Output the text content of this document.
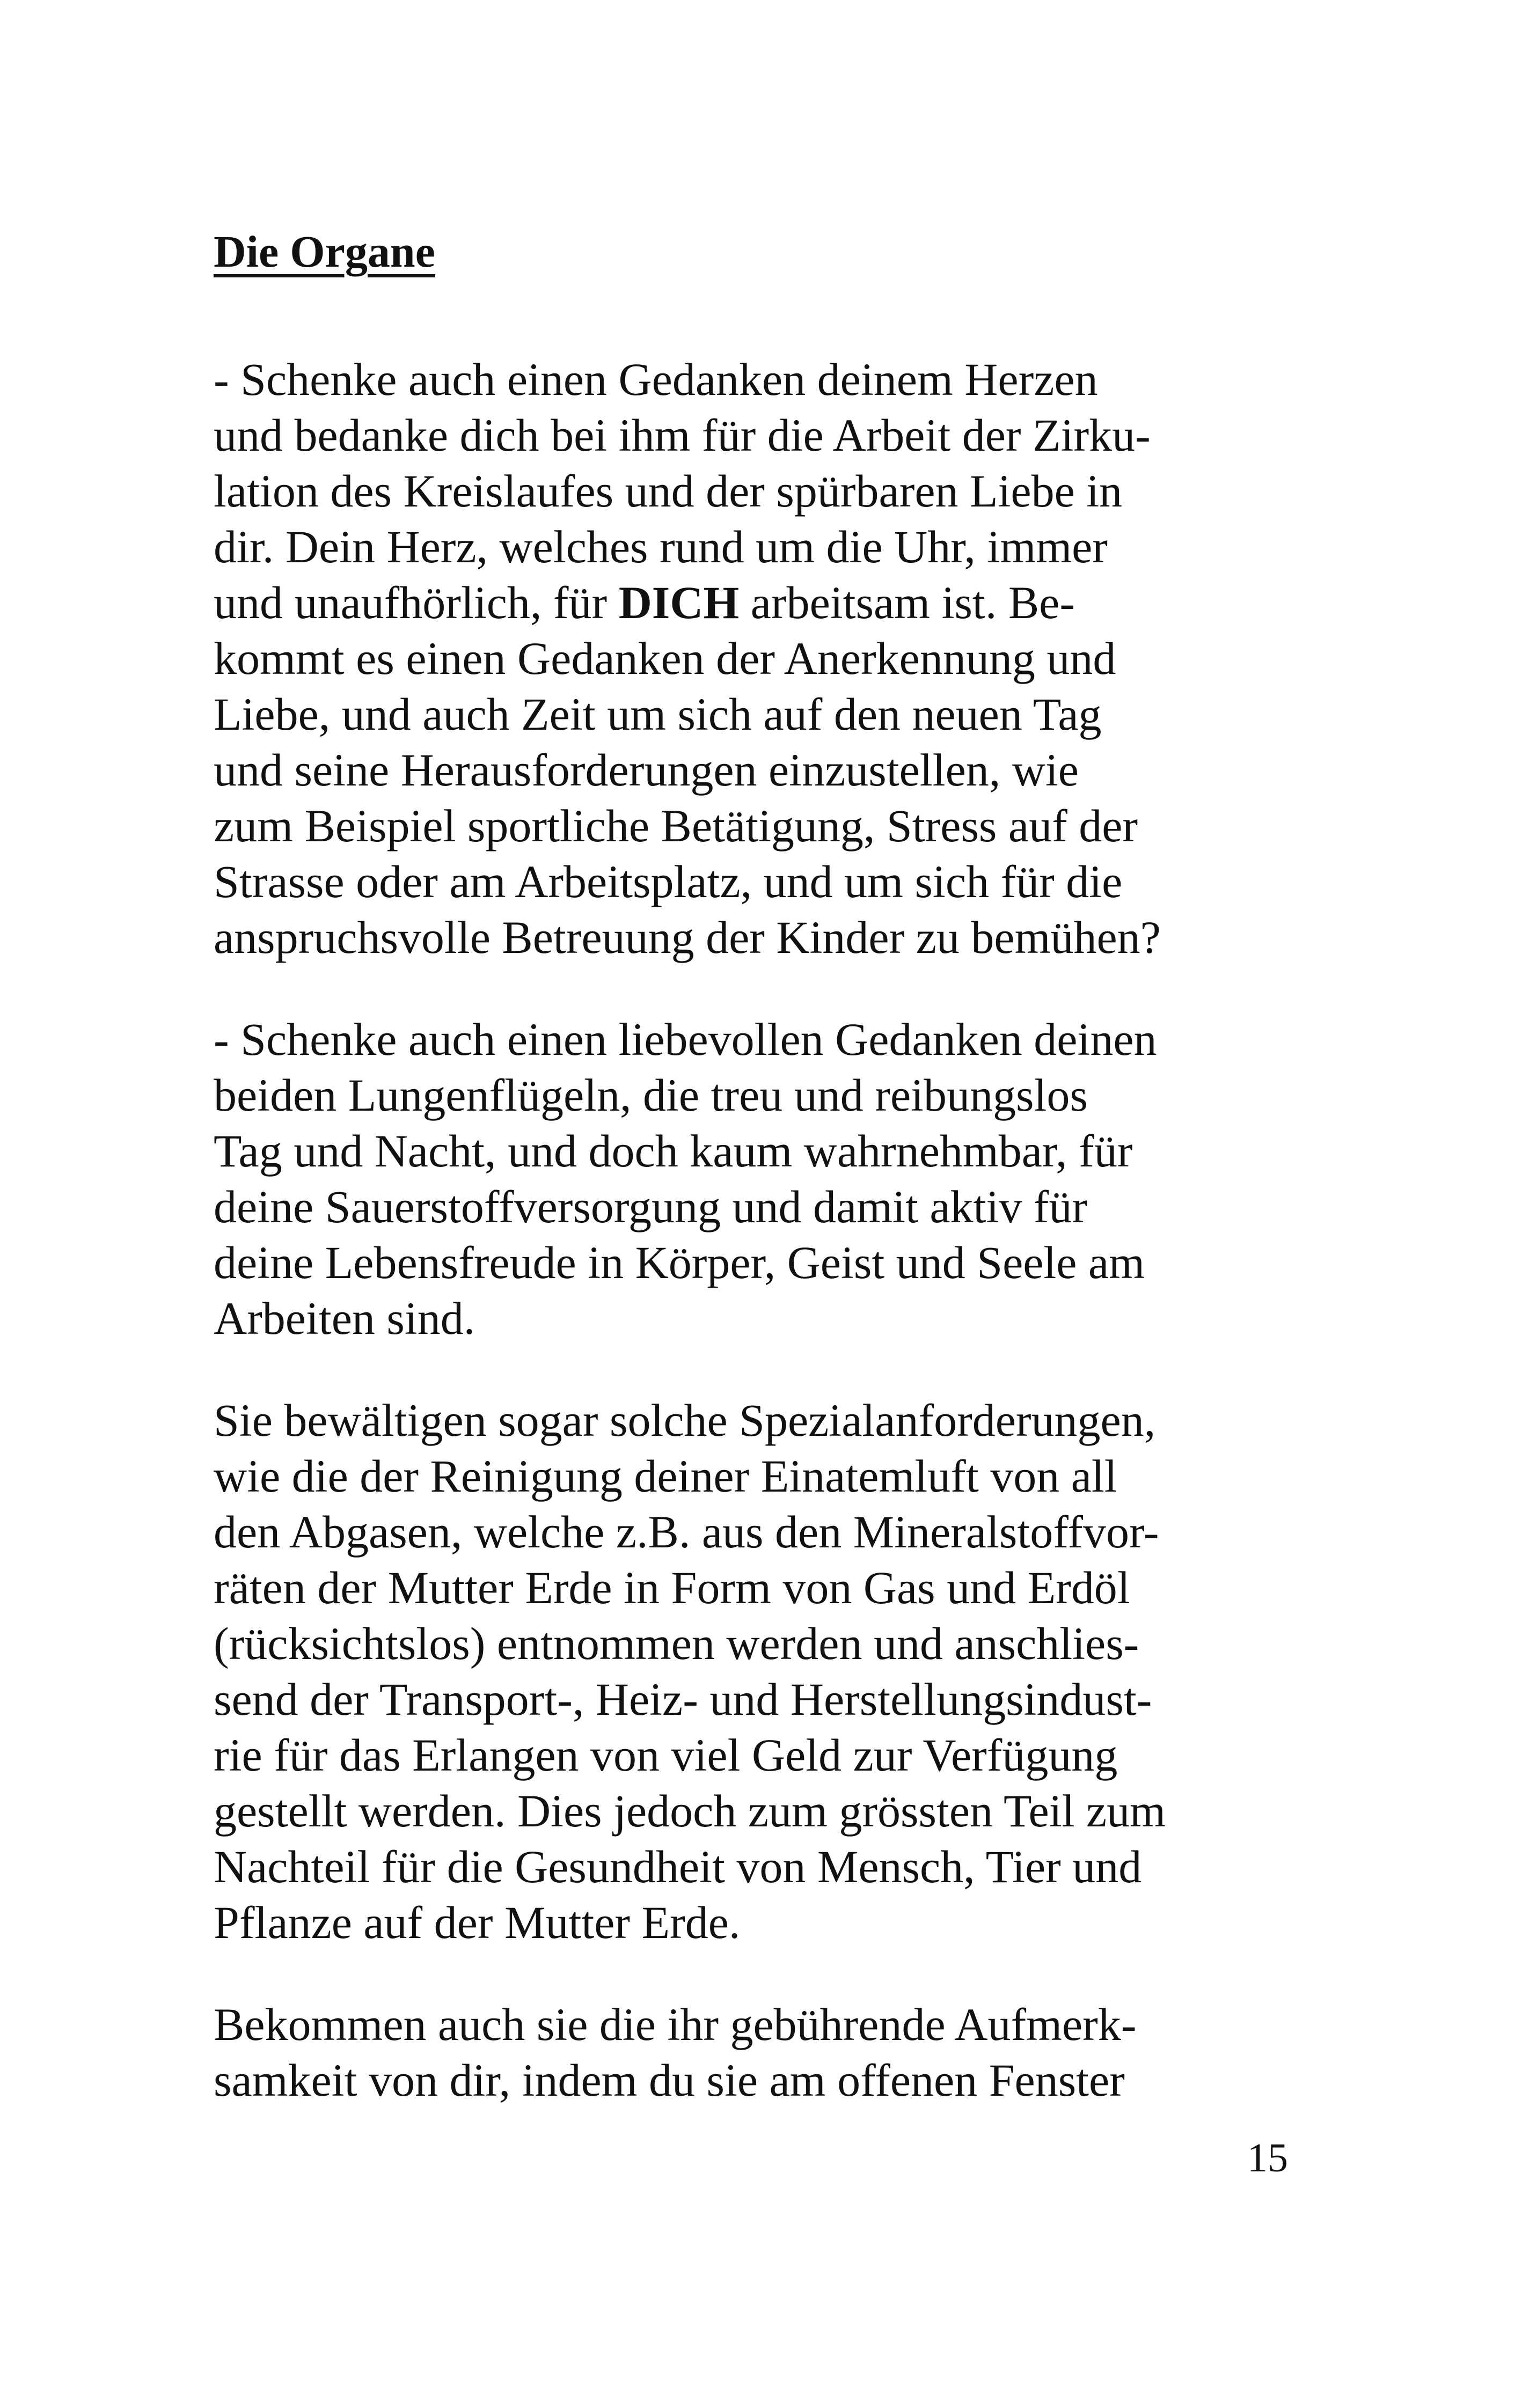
Die Organe

- Schenke auch einen Gedanken deinem Herzen
und bedanke dich bei ihm für die Arbeit der Zirku-
lation des Kreislaufes und der spürbaren Liebe in
dir. Dein Herz, welches rund um die Uhr, immer
und unaufhörlich, für DICH arbeitsam ist. Be-
kommt es einen Gedanken der Anerkennung und
Liebe, und auch Zeit um sich auf den neuen Tag
und seine Herausforderungen einzustellen, wie
zum Beispiel sportliche Betätigung, Stress auf der
Strasse oder am Arbeitsplatz, und um sich für die
anspruchsvolle Betreuung der Kinder zu bemühen?

- Schenke auch einen liebevollen Gedanken deinen
beiden Lungenflügeln, die treu und reibungslos
Tag und Nacht, und doch kaum wahrnehmbar, für
deine Sauerstoffversorgung und damit aktiv für
deine Lebensfreude in Körper, Geist und Seele am
Arbeiten sind.

Sie bewältigen sogar solche Spezialanforderungen,
wie die der Reinigung deiner Einatemluft von all
den Abgasen, welche z.B. aus den Mineralstoffvor-
räten der Mutter Erde in Form von Gas und Erdöl
(rücksichtslos) entnommen werden und anschlies-
send der Transport-, Heiz- und Herstellungsindust-
rie für das Erlangen von viel Geld zur Verfügung
gestellt werden. Dies jedoch zum grössten Teil zum
Nachteil für die Gesundheit von Mensch, Tier und
Pflanze auf der Mutter Erde.

Bekommen auch sie die ihr gebührende Aufmerk-
samkeit von dir, indem du sie am offenen Fenster

15
